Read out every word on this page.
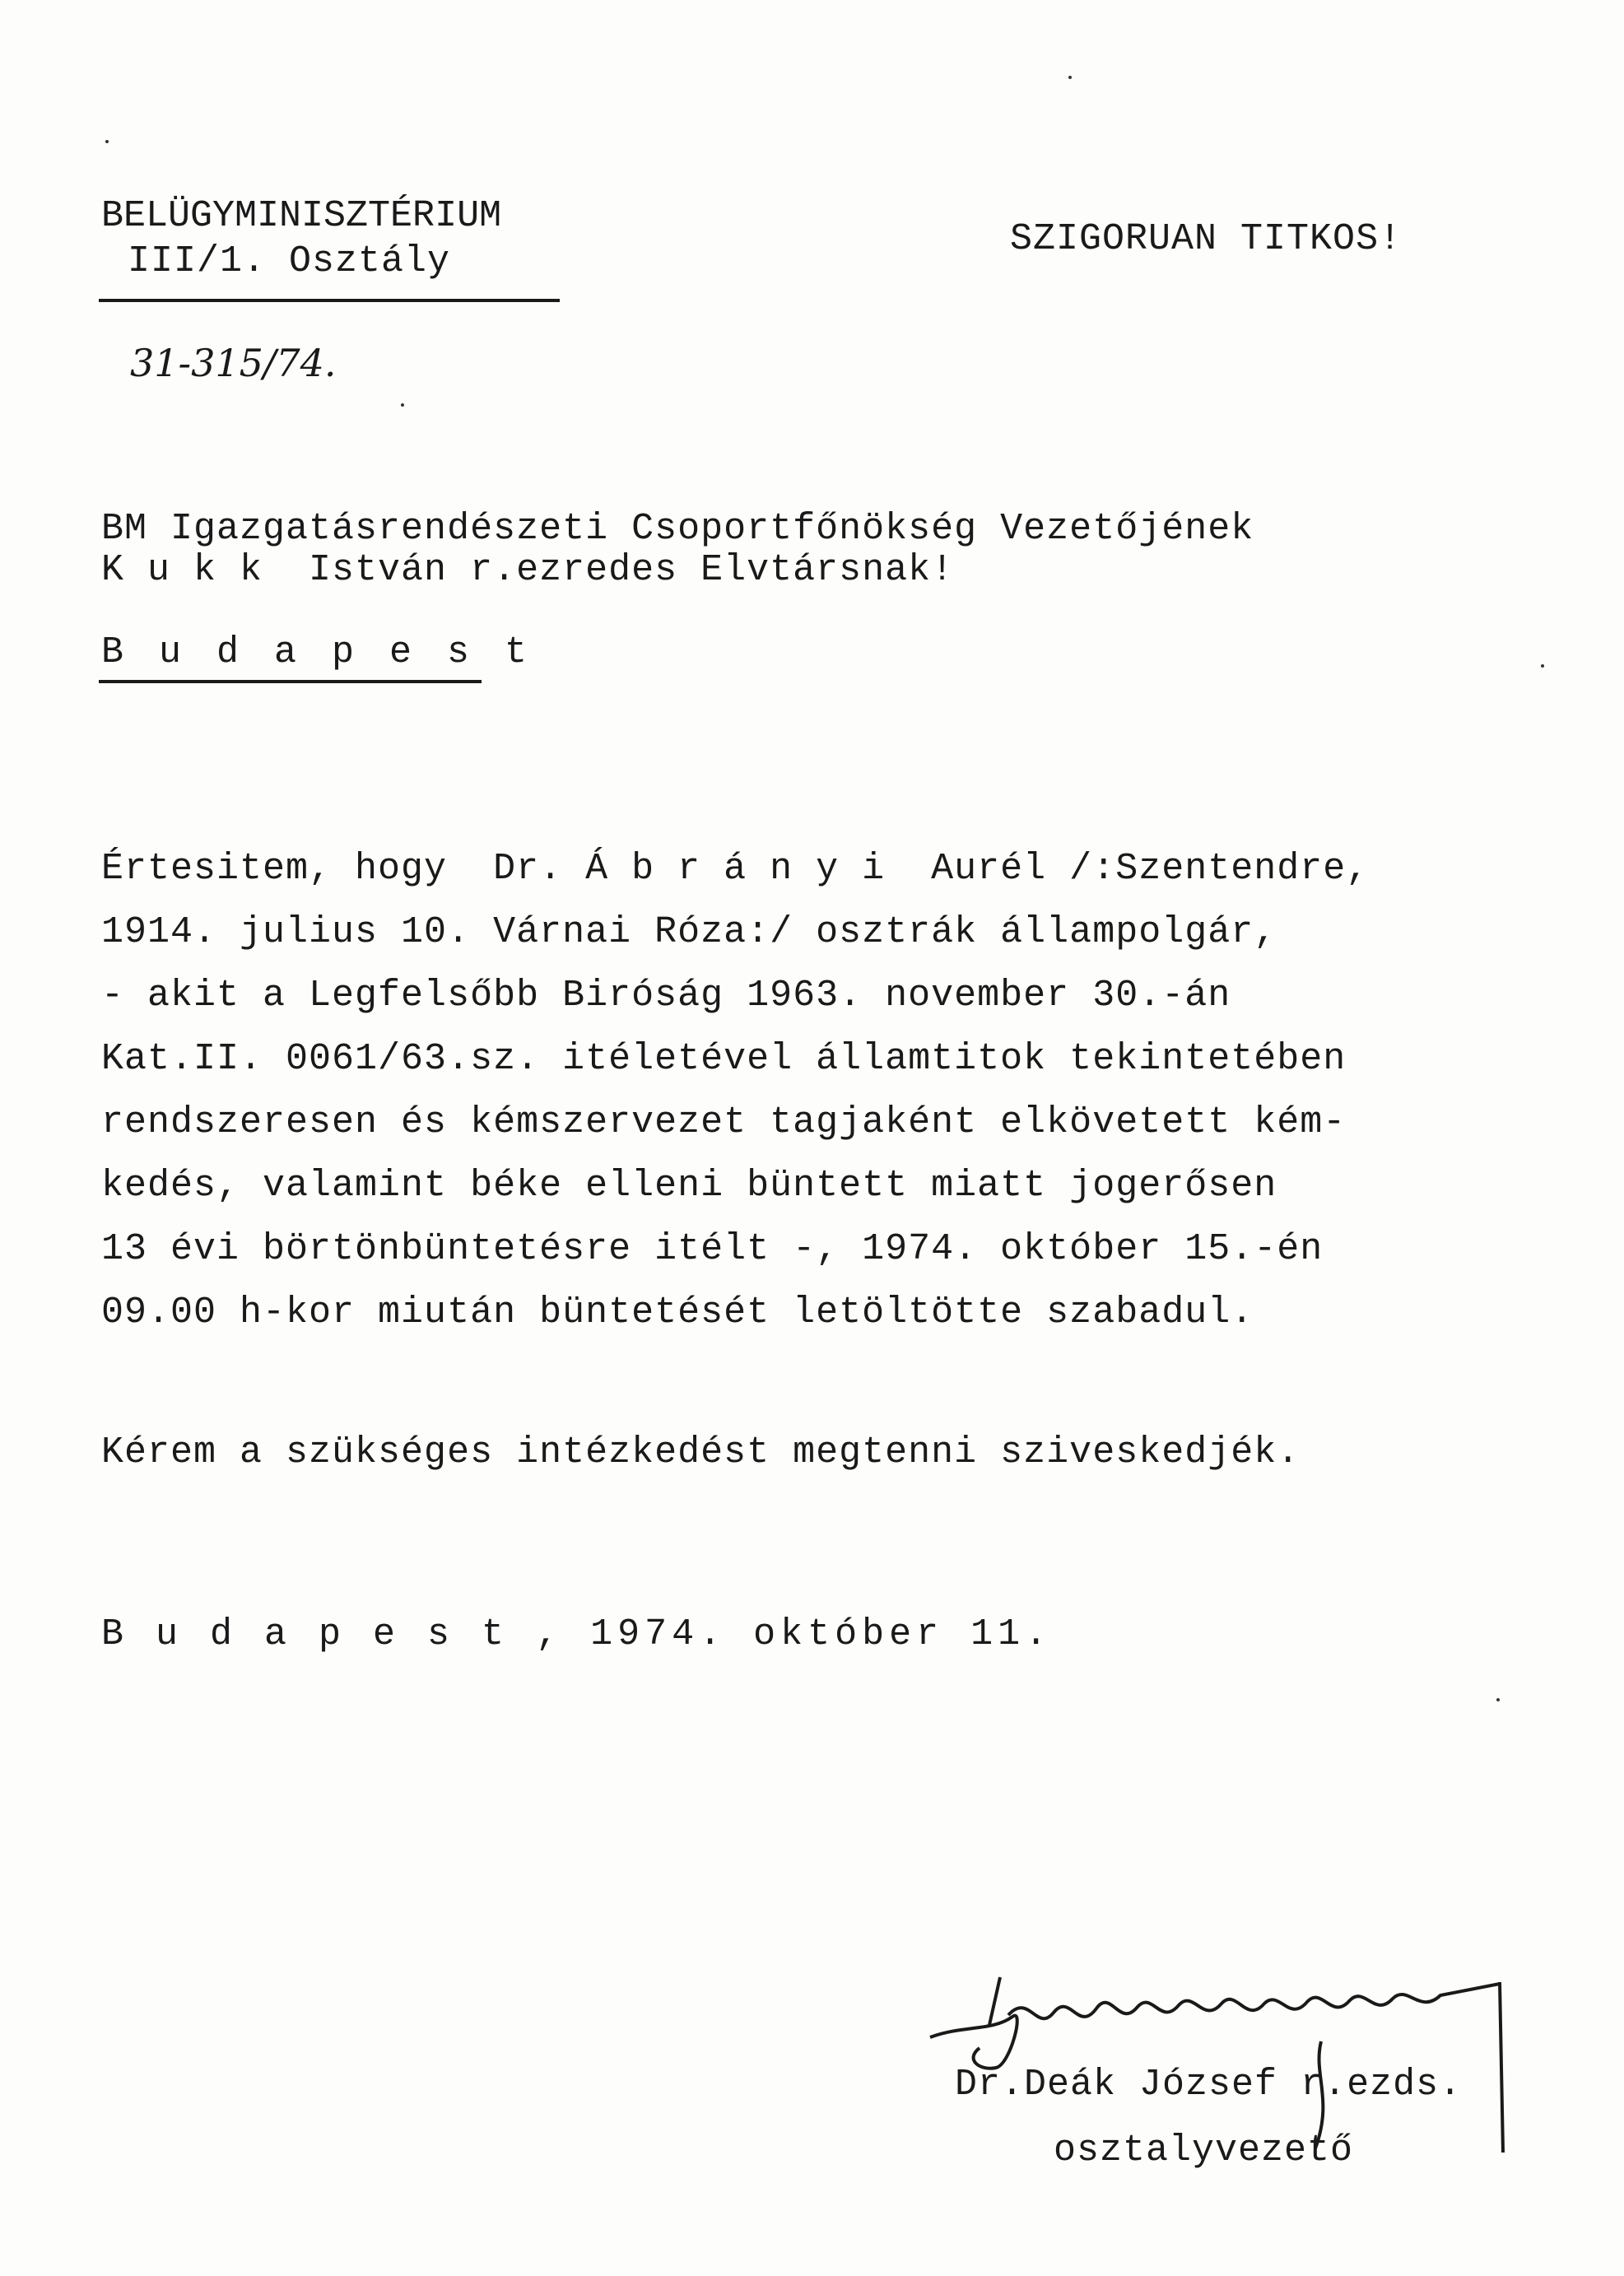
BELÜGYMINISZTÉRIUM
III/1. Osztály
SZIGORUAN TITKOS!
31-315/74.
BM Igazgatásrendészeti Csoportfőnökség Vezetőjének
K u k k  István r.ezredes Elvtársnak!
B u d a p e s t
Értesitem, hogy  Dr. Á b r á n y i  Aurél /:Szentendre,
1914. julius 10. Várnai Róza:/ osztrák állampolgár,
- akit a Legfelsőbb Biróság 1963. november 30.-án
Kat.II. 0061/63.sz. itéletével államtitok tekintetében
rendszeresen és kémszervezet tagjaként elkövetett kém-
kedés, valamint béke elleni büntett miatt jogerősen
13 évi börtönbüntetésre itélt -, 1974. október 15.-én
09.00 h-kor miután büntetését letöltötte szabadul.
Kérem a szükséges intézkedést megtenni sziveskedjék.
B u d a p e s t , 1974. október 11.
Dr.Deák József r.ezds.
osztalyvezető
